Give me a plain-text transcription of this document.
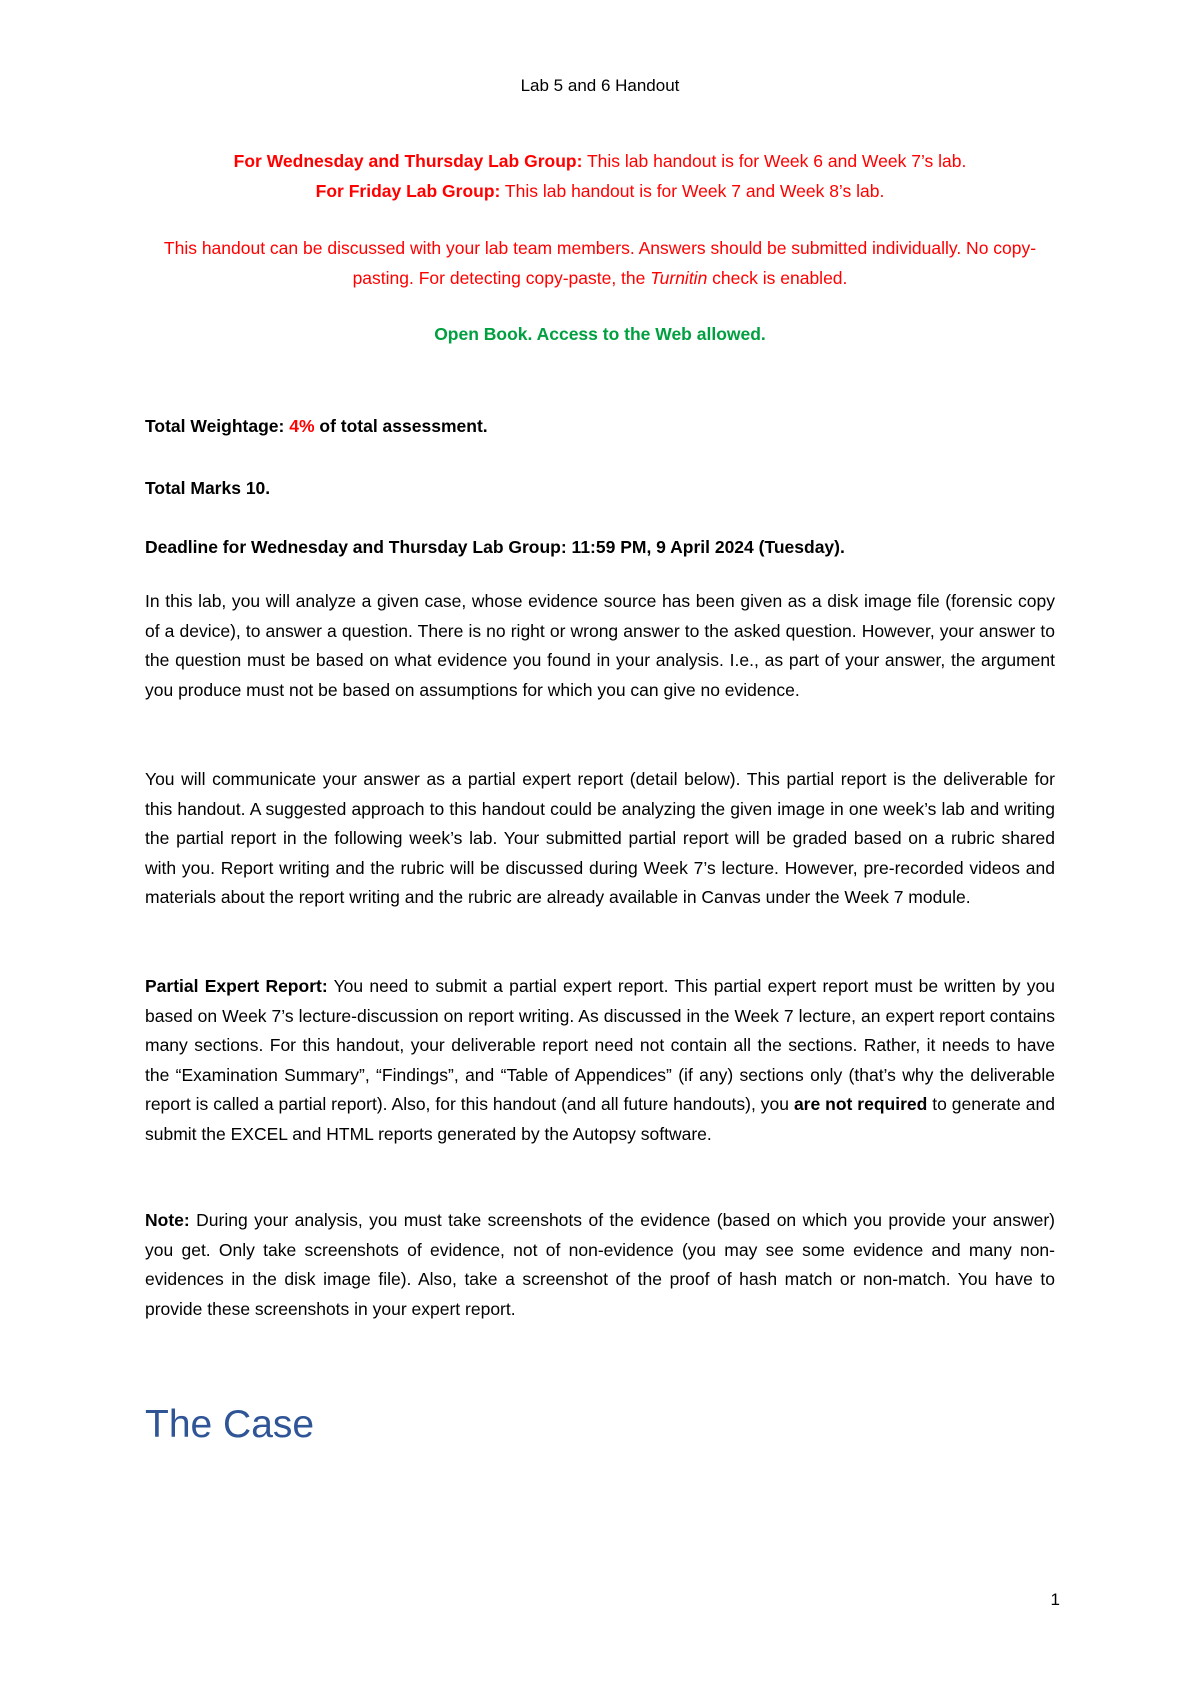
Lab 5 and 6 Handout
For Wednesday and Thursday Lab Group: This lab handout is for Week 6 and Week 7’s lab.
For Friday Lab Group: This lab handout is for Week 7 and Week 8’s lab.
This handout can be discussed with your lab team members. Answers should be submitted individually. No copy-pasting. For detecting copy-paste, the Turnitin check is enabled.
Open Book. Access to the Web allowed.

Total Weightage: 4% of total assessment.

Total Marks 10.
Deadline for Wednesday and Thursday Lab Group: 11:59 PM, 9 April 2024 (Tuesday).
In this lab, you will analyze a given case, whose evidence source has been given as a disk image file (forensic copy of a device), to answer a question. There is no right or wrong answer to the asked question. However, your answer to the question must be based on what evidence you found in your analysis. I.e., as part of your answer, the argument you produce must not be based on assumptions for which you can give no evidence.
You will communicate your answer as a partial expert report (detail below). This partial report is the deliverable for this handout. A suggested approach to this handout could be analyzing the given image in one week’s lab and writing the partial report in the following week’s lab. Your submitted partial report will be graded based on a rubric shared with you. Report writing and the rubric will be discussed during Week 7’s lecture. However, pre-recorded videos and materials about the report writing and the rubric are already available in Canvas under the Week 7 module.

Partial Expert Report: You need to submit a partial expert report. This partial expert report must be written by you based on Week 7’s lecture-discussion on report writing. As discussed in the Week 7 lecture, an expert report contains many sections. For this handout, your deliverable report need not contain all the sections. Rather, it needs to have the “Examination Summary”, “Findings”, and “Table of Appendices” (if any) sections only (that’s why the deliverable report is called a partial report). Also, for this handout (and all future handouts), you are not required to generate and submit the EXCEL and HTML reports generated by the Autopsy software.

Note: During your analysis, you must take screenshots of the evidence (based on which you provide your answer) you get. Only take screenshots of evidence, not of non-evidence (you may see some evidence and many non-evidences in the disk image file). Also, take a screenshot of the proof of hash match or non-match. You have to provide these screenshots in your expert report.

The Case
1
